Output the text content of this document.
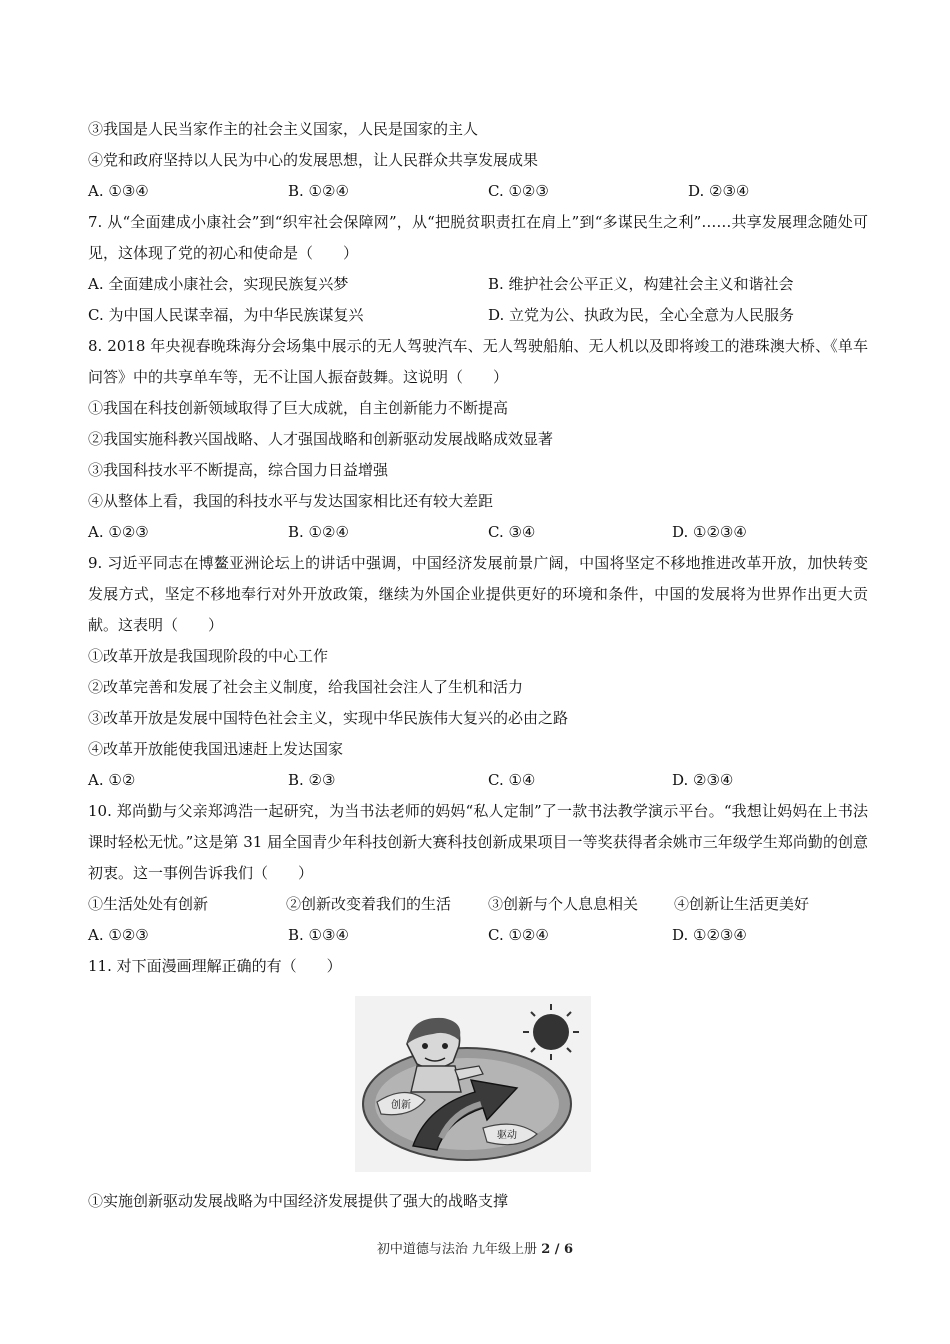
③我国是人民当家作主的社会主义国家，人民是国家的主人
④党和政府坚持以人民为中心的发展思想，让人民群众共享发展成果
A. ①③④	B. ①②④	C. ①②③	D. ②③④
7. 从“全面建成小康社会”到“织牢社会保障网”，从“把脱贫职责扛在肩上”到“多谋民生之利”……共享发展理念随处可见，这体现了党的初心和使命是（　　）
A. 全面建成小康社会，实现民族复兴梦	B. 维护社会公平正义，构建社会主义和谐社会
C. 为中国人民谋幸福，为中华民族谋复兴	D. 立党为公、执政为民，全心全意为人民服务
8. 2018 年央视春晚珠海分会场集中展示的无人驾驶汽车、无人驾驶船舶、无人机以及即将竣工的港珠澳大桥、《单车问答》中的共享单车等，无不让国人振奋鼓舞。这说明（　　）
①我国在科技创新领域取得了巨大成就，自主创新能力不断提高
②我国实施科教兴国战略、人才强国战略和创新驱动发展战略成效显著
③我国科技水平不断提高，综合国力日益增强
④从整体上看，我国的科技水平与发达国家相比还有较大差距
A. ①②③	B. ①②④	C. ③④	D. ①②③④
9. 习近平同志在博鳌亚洲论坛上的讲话中强调，中国经济发展前景广阔，中国将坚定不移地推进改革开放，加快转变发展方式，坚定不移地奉行对外开放政策，继续为外国企业提供更好的环境和条件，中国的发展将为世界作出更大贡献。这表明（　　）
①改革开放是我国现阶段的中心工作
②改革完善和发展了社会主义制度，给我国社会注人了生机和活力
③改革开放是发展中国特色社会主义，实现中华民族伟大复兴的必由之路
④改革开放能使我国迅速赶上发达国家
A. ①②	B. ②③	C. ①④	D. ②③④
10. 郑尚勤与父亲郑鸿浩一起研究，为当书法老师的妈妈“私人定制”了一款书法教学演示平台。“我想让妈妈在上书法课时轻松无忧。”这是第 31 届全国青少年科技创新大赛科技创新成果项目一等奖获得者余姚市三年级学生郑尚勤的创意初衷。这一事例告诉我们（　　）
①生活处处有创新	②创新改变着我们的生活	③创新与个人息息相关	④创新让生活更美好
A. ①②③	B. ①③④	C. ①②④	D. ①②③④
11. 对下面漫画理解正确的有（　　）
创新
驱动
①实施创新驱动发展战略为中国经济发展提供了强大的战略支撑
初中道德与法治 九年级上册 2 / 6
